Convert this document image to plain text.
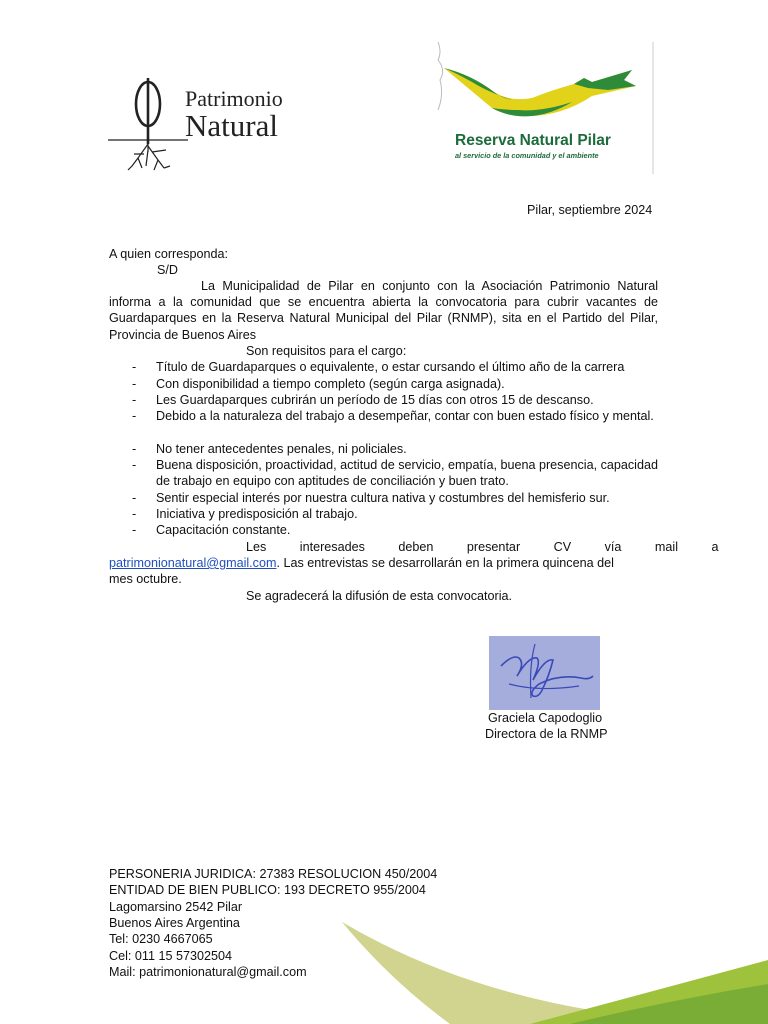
Patrimonio
Natural	Reserva Natural Pilar
al servicio de la comunidad y el ambiente
Pilar, septiembre 2024
A quien corresponda:
S/D
La Municipalidad de Pilar en conjunto con la Asociación Patrimonio Natural
informa a la comunidad que se encuentra abierta la convocatoria para cubrir vacantes de
Guardaparques en la Reserva Natural Municipal del Pilar (RNMP), sita en el Partido del Pilar,
Provincia de Buenos Aires
Son requisitos para el cargo:
- Título de Guardaparques o equivalente, o estar cursando el último año de la carrera
- Con disponibilidad a tiempo completo (según carga asignada).
- Les Guardaparques cubrirán un período de 15 días con otros 15 de descanso.
- Debido a la naturaleza del trabajo a desempeñar, contar con buen estado físico y mental.
- No tener antecedentes penales, ni policiales.
- Buena disposición, proactividad, actitud de servicio, empatía, buena presencia, capacidad de trabajo en equipo con aptitudes de conciliación y buen trato.
- Sentir especial interés por nuestra cultura nativa y costumbres del hemisferio sur.
- Iniciativa y predisposición al trabajo.
- Capacitación constante.
Les interesades deben presentar CV vía mail a
patrimonionatural@gmail.com. Las entrevistas se desarrollarán en la primera quincena del
mes octubre.
Se agradecerá la difusión de esta convocatoria.
Graciela Capodoglio
Directora de la RNMP
PERSONERIA JURIDICA: 27383 RESOLUCION 450/2004
ENTIDAD DE BIEN PUBLICO: 193 DECRETO 955/2004
Lagomarsino 2542 Pilar
Buenos Aires Argentina
Tel: 0230 4667065
Cel: 011 15 57302504
Mail: patrimonionatural@gmail.com
